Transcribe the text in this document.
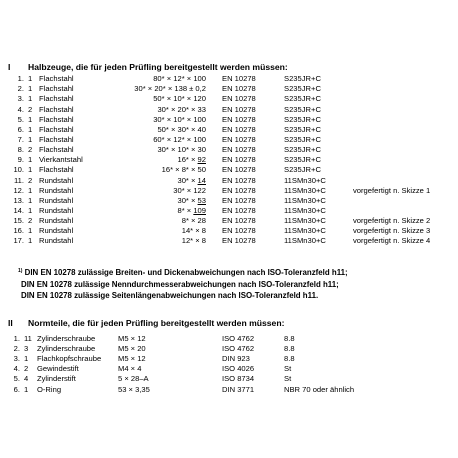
I Halbzeuge, die für jeden Prüfling bereitgestellt werden müssen:
1. 1 Flachstahl	80* × 12* × 100 EN 10278	S235JR+C
2. 1 Flachstahl	30* × 20* × 138 ± 0,2 EN 10278	S235JR+C
3. 1 Flachstahl	50* × 10* × 120 EN 10278	S235JR+C
4. 2 Flachstahl	30* × 20* × 33 EN 10278	S235JR+C
5. 1 Flachstahl	30* × 10* × 100 EN 10278	S235JR+C
6. 1 Flachstahl	50* × 30* × 40 EN 10278	S235JR+C
7. 1 Flachstahl	60* × 12* × 100 EN 10278	S235JR+C
8. 2 Flachstahl	30* × 10* × 30 EN 10278	S235JR+C
9. 1 Vierkantstahl	16* × 92 EN 10278	S235JR+C
10. 1 Flachstahl	16* × 8* × 50 EN 10278	S235JR+C
11. 2 Rundstahl	30* × 14 EN 10278	11SMn30+C
12. 1 Rundstahl	30* × 122 EN 10278	11SMn30+C	vorgefertigt n. Skizze 1
13. 1 Rundstahl	30* × 53 EN 10278	11SMn30+C
14. 1 Rundstahl	8* × 109 EN 10278	11SMn30+C
15. 2 Rundstahl	8* × 28 EN 10278	11SMn30+C	vorgefertigt n. Skizze 2
16. 1 Rundstahl	14* × 8 EN 10278	11SMn30+C	vorgefertigt n. Skizze 3
17. 1 Rundstahl	12* × 8 EN 10278	11SMn30+C	vorgefertigt n. Skizze 4
$^{1)}$ DIN EN 10278 zulässige Breiten- und Dickenabweichungen nach ISO-Toleranzfeld h11;
DIN EN 10278 zulässige Nenndurchmesserabweichungen nach ISO-Toleranzfeld h11;
DIN EN 10278 zulässige Seitenlängenabweichungen nach ISO-Toleranzfeld h11.
II Normteile, die für jeden Prüfling bereitgestellt werden müssen:
1. 11 Zylinderschraube	M5 × 12	ISO 4762	8.8
2. 3 Zylinderschraube	M5 × 20	ISO 4762	8.8
3. 1 Flachkopfschraube M5 × 12	DIN 923	8.8
4. 2 Gewindestift	M4 × 4	ISO 4026	St
5. 4 Zylinderstift	5 × 28–A	ISO 8734	St
6. 1 O-Ring	53 × 3,35	DIN 3771	NBR 70 oder ähnlich
